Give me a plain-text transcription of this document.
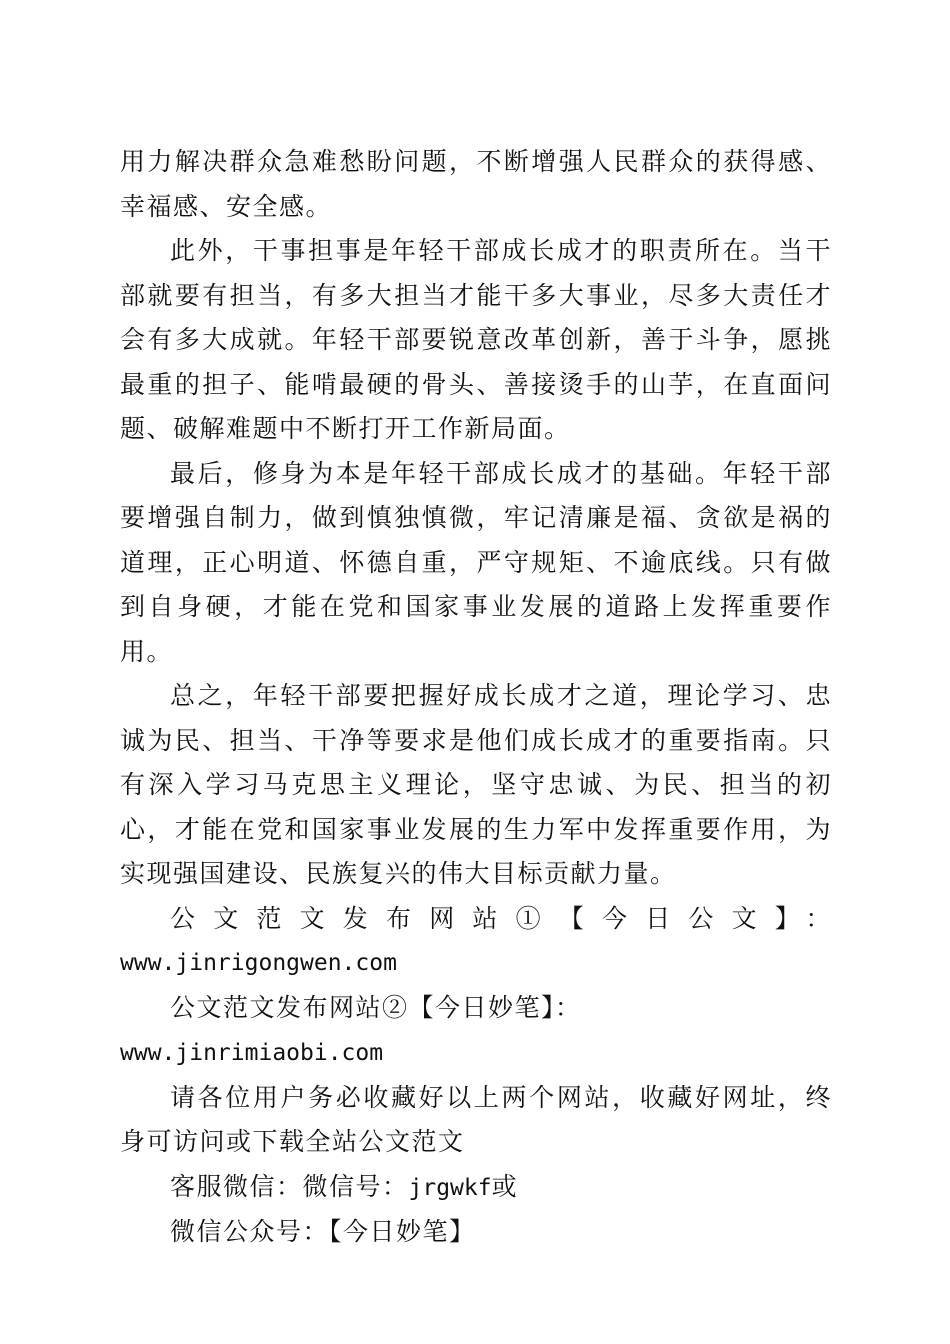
用力解决群众急难愁盼问题，不断增强人民群众的获得感、幸福感、安全感。

此外，干事担事是年轻干部成长成才的职责所在。当干部就要有担当，有多大担当才能干多大事业，尽多大责任才会有多大成就。年轻干部要锐意改革创新，善于斗争，愿挑最重的担子、能啃最硬的骨头、善接烫手的山芋，在直面问题、破解难题中不断打开工作新局面。

最后，修身为本是年轻干部成长成才的基础。年轻干部要增强自制力，做到慎独慎微，牢记清廉是福、贪欲是祸的道理，正心明道、怀德自重，严守规矩、不逾底线。只有做到自身硬，才能在党和国家事业发展的道路上发挥重要作用。

总之，年轻干部要把握好成长成才之道，理论学习、忠诚为民、担当、干净等要求是他们成长成才的重要指南。只有深入学习马克思主义理论，坚守忠诚、为民、担当的初心，才能在党和国家事业发展的生力军中发挥重要作用，为实现强国建设、民族复兴的伟大目标贡献力量。

公文范文发布网站①【今日公文】：

www.jinrigongwen.com

公文范文发布网站②【今日妙笔】：www.jinrimiaobi.com

请各位用户务必收藏好以上两个网站，收藏好网址，终身可访问或下载全站公文范文

客服微信：微信号：jrgwkf或

微信公众号：【今日妙笔】
